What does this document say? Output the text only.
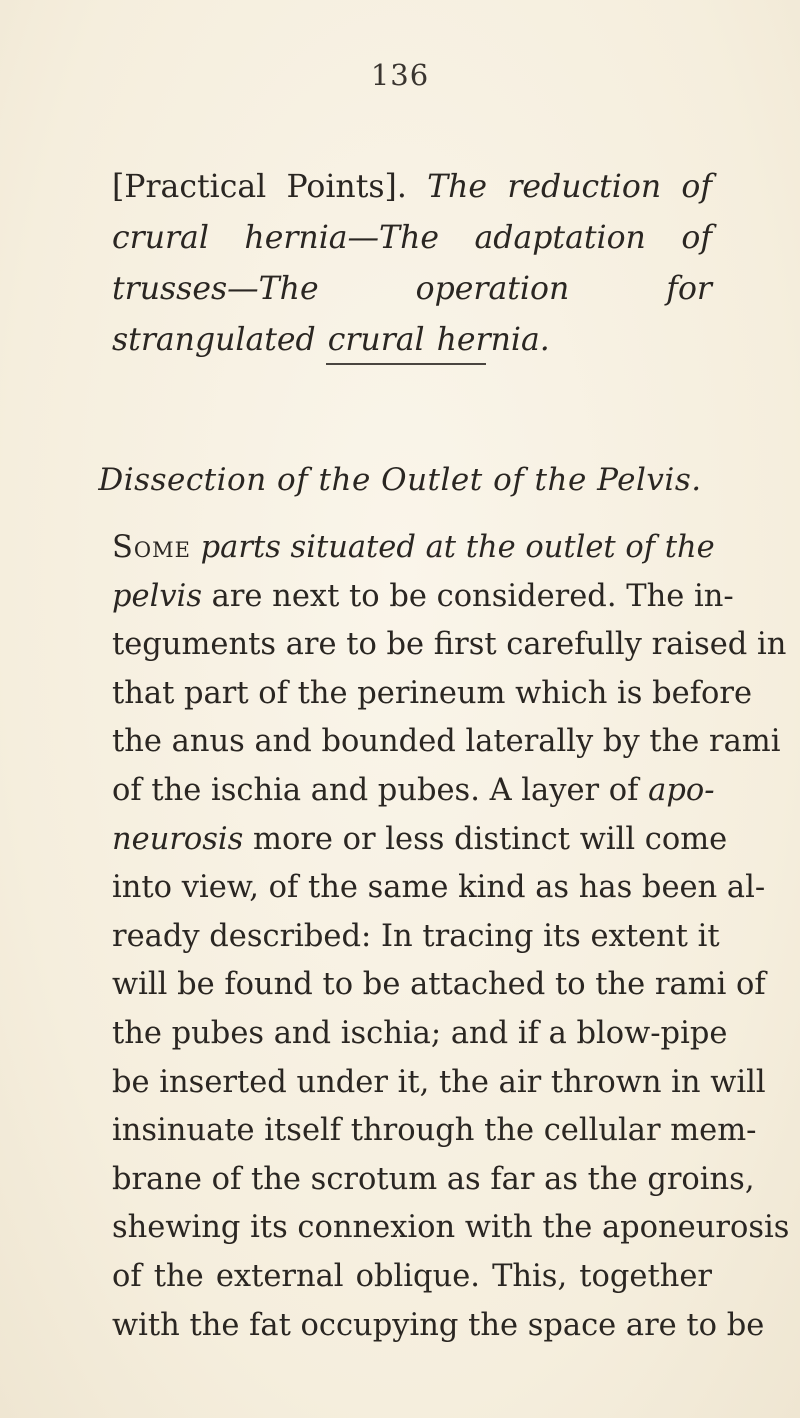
136
[Practical Points]. The reduction of crural hernia—The adaptation of trusses—The operation for strangulated crural hernia.
Dissection of the Outlet of the Pelvis.
Some parts situated at the outlet of the
pelvis are next to be considered. The in-
teguments are to be first carefully raised in
that part of the perineum which is before
the anus and bounded laterally by the rami
of the ischia and pubes. A layer of apo-
neurosis more or less distinct will come
into view, of the same kind as has been al-
ready described: In tracing its extent it
will be found to be attached to the rami of
the pubes and ischia; and if a blow-pipe
be inserted under it, the air thrown in will
insinuate itself through the cellular mem-
brane of the scrotum as far as the groins,
shewing its connexion with the aponeurosis
of the external oblique. This, together
with the fat occupying the space are to be
